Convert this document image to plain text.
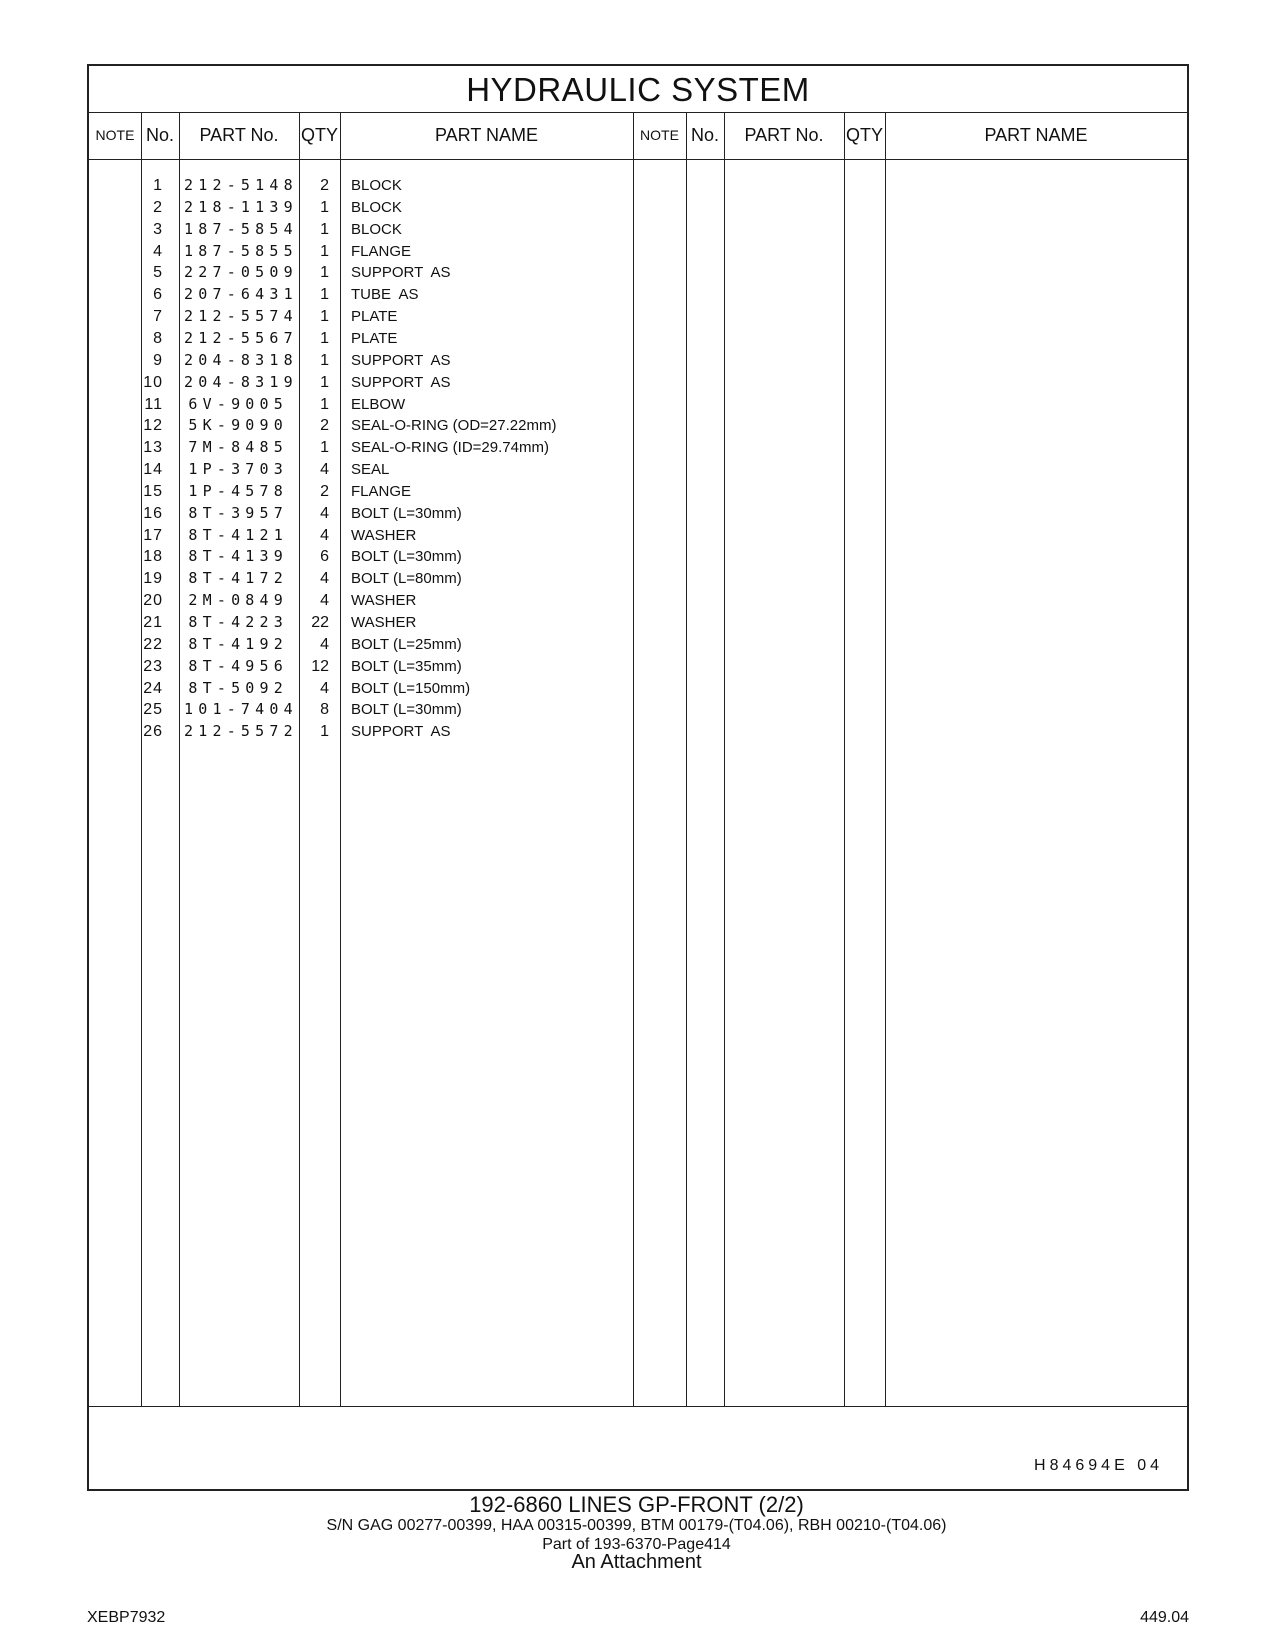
HYDRAULIC SYSTEM
NOTE No.	PART No.	QTY	PART NAME	NOTE No.	PART No.	QTY	PART NAME
1 212-5148	2 BLOCK
2 218-1139	1 BLOCK
3 187-5854	1 BLOCK
4 187-5855	1 FLANGE
5 227-0509	1 SUPPORT  AS
6 207-6431	1 TUBE  AS
7 212-5574	1 PLATE
8 212-5567	1 PLATE
9 204-8318	1 SUPPORT  AS
10 204-8319	1 SUPPORT  AS
11 6V-9005	1 ELBOW
12 5K-9090	2 SEAL-O-RING (OD=27.22mm)
13 7M-8485	1 SEAL-O-RING (ID=29.74mm)
14 1P-3703	4 SEAL
15 1P-4578	2 FLANGE
16 8T-3957	4 BOLT (L=30mm)
17 8T-4121	4 WASHER
18 8T-4139	6 BOLT (L=30mm)
19 8T-4172	4 BOLT (L=80mm)
20 2M-0849	4 WASHER
21 8T-4223	22 WASHER
22 8T-4192	4 BOLT (L=25mm)
23 8T-4956	12 BOLT (L=35mm)
24 8T-5092	4 BOLT (L=150mm)
25 101-7404	8 BOLT (L=30mm)
26 212-5572	1 SUPPORT  AS
H84694E 04
192-6860 LINES GP-FRONT (2/2)
S/N GAG 00277-00399, HAA 00315-00399, BTM 00179-(T04.06), RBH 00210-(T04.06)
Part of 193-6370-Page414
An Attachment
XEBP7932	449.04
